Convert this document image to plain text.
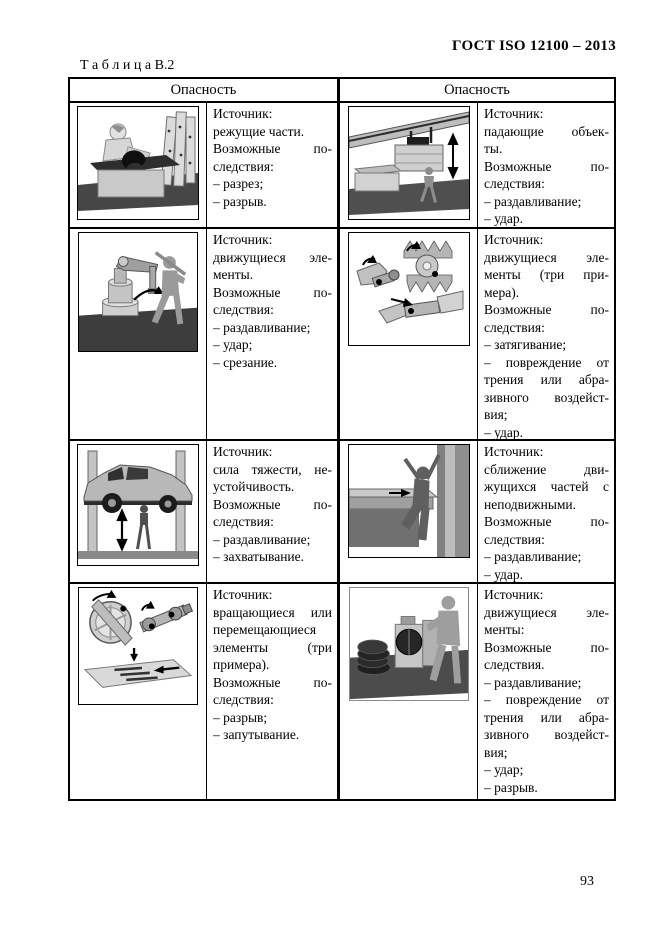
ГОСТ ISO 12100 – 2013
Т а б л и ц а В.2
Опасность	Опасность
Источник:
режущие части.
Возможные по-
следствия:
– разрез;
– разрыв.
Источник:
падающие объек-
ты.
Возможные по-
следствия:
– раздавливание;
– удар.
Источник:
движущиеся эле-
менты.
Возможные по-
следствия:
– раздавливание;
– удар;
– срезание.
Источник:
движущиеся эле-
менты (три при-
мера).
Возможные по-
следствия:
– затягивание;
– повреждение от
трения или абра-
зивного воздейст-
вия;
– удар.
Источник:
сила тяжести, не-
устойчивость.
Возможные по-
следствия:
– раздавливание;
– захватывание.
Источник:
сближение дви-
жущихся частей с
неподвижными.
Возможные по-
следствия:
– раздавливание;
– удар.
Источник:
вращающиеся или
перемещающиеся
элементы (три
примера).
Возможные по-
следствия:
– разрыв;
– запутывание.
Источник:
движущиеся эле-
менты:
Возможные по-
следствия.
– раздавливание;
– повреждение от
трения или абра-
зивного воздейст-
вия;
– удар;
– разрыв.
93
